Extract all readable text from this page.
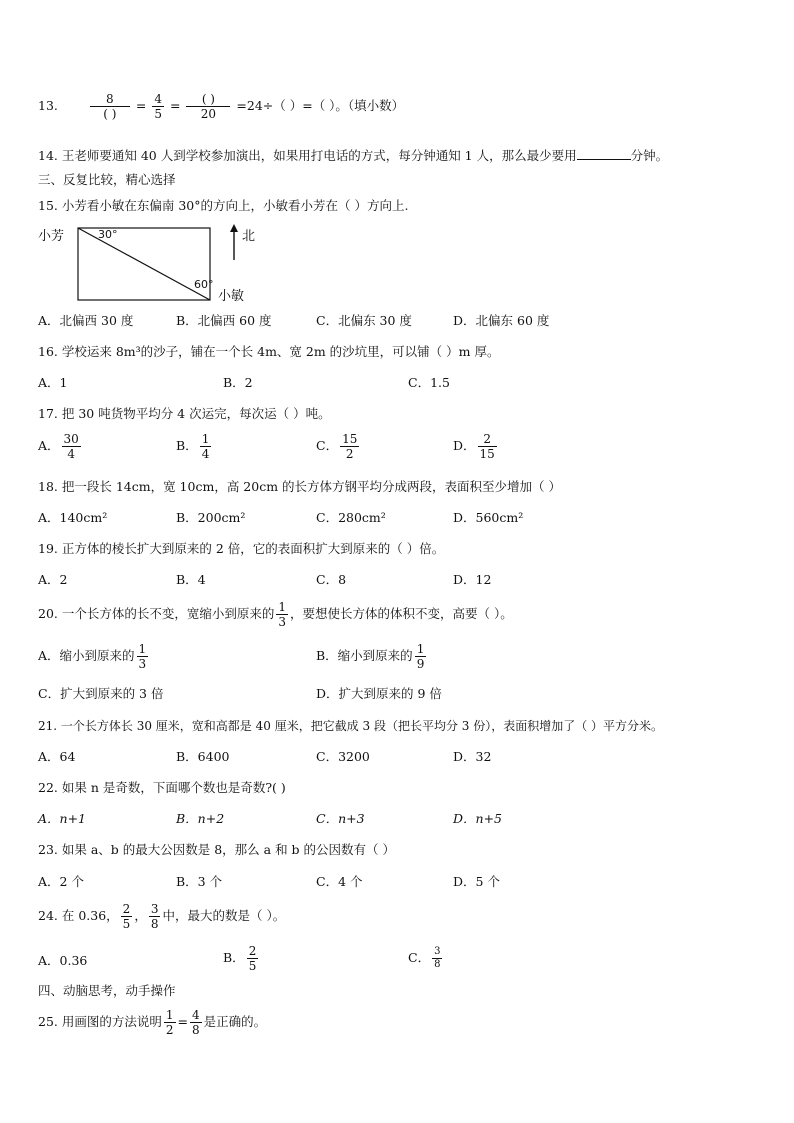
13.	$\frac{8}{( )} = \frac{4}{5} = \frac{( )}{20} =24\div$（ ）=（ ）。（填小数）
14. 王老师要通知 40 人到学校参加演出，如果用打电话的方式，每分钟通知 1 人，那么最少要用	分钟。
三、反复比较，精心选择
15. 小芳看小敏在东偏南 30°的方向上，小敏看小芳在（ ）方向上.
小芳	30°
60°
小敏
北
A．北偏西 30 度	B．北偏西 60 度	C．北偏东 30 度	D．北偏东 60 度
16. 学校运来 8m³的沙子，铺在一个长 4m、宽 2m 的沙坑里，可以铺（ ）m 厚。
A．1	B．2	C．1.5
17. 把 30 吨货物平均分 4 次运完，每次运（ ）吨。
A． $\frac{30}{4}$	B． $\frac{1}{4}$	C． $\frac{15}{2}$	D． $\frac{2}{15}$
18. 把一段长 14cm，宽 10cm，高 20cm 的长方体方钢平均分成两段，表面积至少增加（ ）
A．140cm²	B．200cm²	C．280cm²	D．560cm²
19. 正方体的棱长扩大到原来的 2 倍，它的表面积扩大到原来的（ ）倍。
A．2	B．4	C．8	D．12
20. 一个长方体的长不变，宽缩小到原来的 $\frac{1}{3}$ ，要想使长方体的体积不变，高要（ ）。
A．缩小到原来的 $\frac{1}{3}$	B．缩小到原来的 $\frac{1}{9}$
C．扩大到原来的 3 倍	D．扩大到原来的 9 倍
21. 一个长方体长 30 厘米，宽和高都是 40 厘米，把它截成 3 段（把长平均分 3 份），表面积增加了（ ）平方分米。
A．64	B．6400	C．3200	D．32
22. 如果 n 是奇数，下面哪个数也是奇数?( )
A．n+1	B．n+2	C．n+3	D．n+5
23. 如果 a、b 的最大公因数是 8，那么 a 和 b 的公因数有（ ）
A．2 个	B．3 个	C．4 个	D．5 个
24. 在 0.36， $\frac{2}{5}$ ， $\frac{3}{8}$ 中，最大的数是（ ）。
A．0.36	B． $\frac{2}{5}$	C． $\frac{3}{8}$
四、动脑思考，动手操作
25. 用画图的方法说明 $\frac{1}{2} = \frac{4}{8}$ 是正确的。
